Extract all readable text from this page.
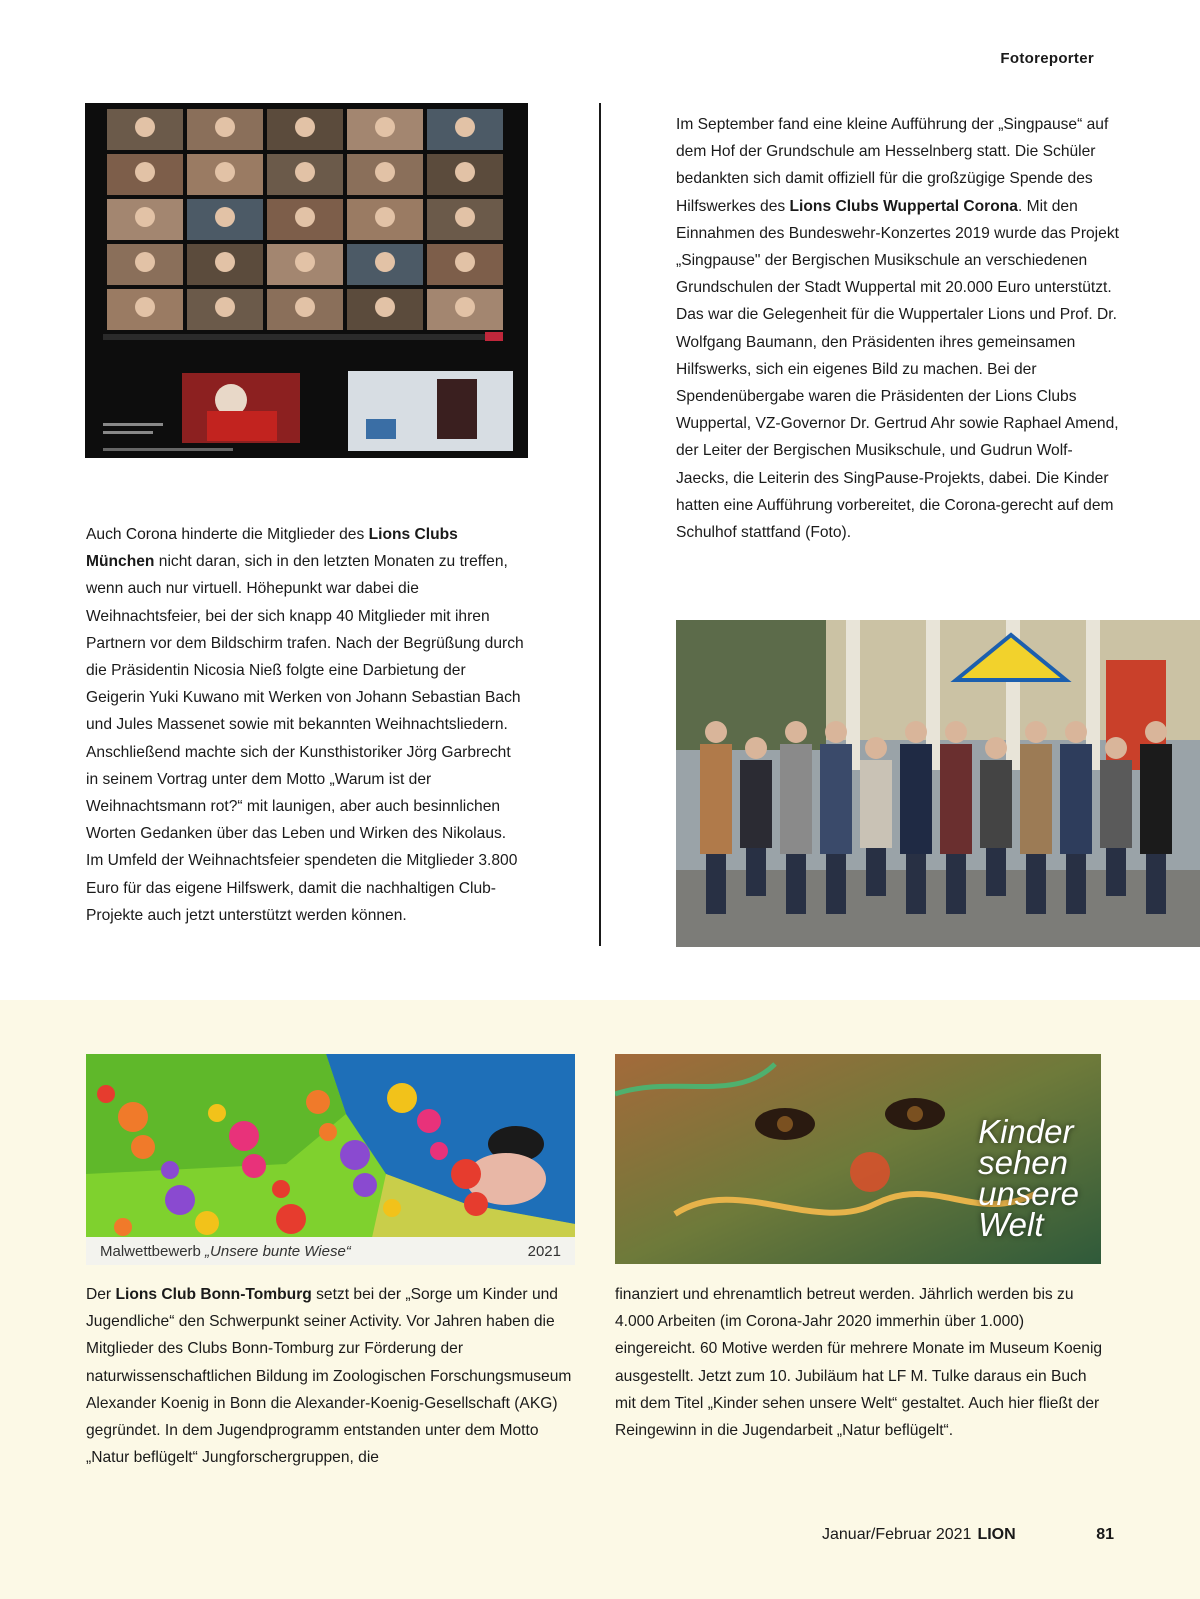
Fotoreporter

Auch Corona hinderte die Mitglieder des Lions Clubs München nicht daran, sich in den letzten Monaten zu treffen, wenn auch nur virtuell. Höhepunkt war dabei die Weihnachtsfeier, bei der sich knapp 40 Mitglieder mit ihren Partnern vor dem Bildschirm trafen. Nach der Begrüßung durch die Präsidentin Nicosia Nieß folgte eine Darbietung der Geigerin Yuki Kuwano mit Werken von Johann Sebastian Bach und Jules Massenet sowie mit bekannten Weihnachtsliedern. Anschließend machte sich der Kunsthistoriker Jörg Garbrecht in seinem Vortrag unter dem Motto „Warum ist der Weihnachtsmann rot?“ mit launigen, aber auch besinnlichen Worten Gedanken über das Leben und Wirken des Nikolaus. Im Umfeld der Weihnachtsfeier spendeten die Mitglieder 3.800 Euro für das eigene Hilfswerk, damit die nachhaltigen Club-Projekte auch jetzt unterstützt werden können.

Im September fand eine kleine Aufführung der „Singpause“ auf dem Hof der Grundschule am Hesselnberg statt. Die Schüler bedankten sich damit offiziell für die großzügige Spende des Hilfswerkes des Lions Clubs Wuppertal Corona. Mit den Einnahmen des Bundeswehr-Konzertes 2019 wurde das Projekt „Singpause" der Bergischen Musikschule an verschiedenen Grundschulen der Stadt Wuppertal mit 20.000 Euro unterstützt. Das war die Gelegenheit für die Wuppertaler Lions und Prof. Dr. Wolfgang Baumann, den Präsidenten ihres gemeinsamen Hilfswerks, sich ein eigenes Bild zu machen. Bei der Spendenübergabe waren die Präsidenten der Lions Clubs Wuppertal, VZ-Governor Dr. Gertrud Ahr sowie Raphael Amend, der Leiter der Bergischen Musikschule, und Gudrun Wolf-Jaecks, die Leiterin des SingPause-Projekts, dabei. Die Kinder hatten eine Aufführung vorbereitet, die Corona-gerecht auf dem Schulhof stattfand (Foto).

Malwettbewerb „Unsere bunte Wiese“	2021
Kinder
sehen
unsere
Welt

Der Lions Club Bonn-Tomburg setzt bei der „Sorge um Kinder und Jugendliche“ den Schwerpunkt seiner Activity. Vor Jahren haben die Mitglieder des Clubs Bonn-Tomburg zur Förderung der naturwissenschaftlichen Bildung im Zoologischen Forschungsmuseum Alexander Koenig in Bonn die Alexander-Koenig-Gesellschaft (AKG) gegründet. In dem Jugendprogramm entstanden unter dem Motto „Natur beflügelt“ Jungforschergruppen, die

finanziert und ehrenamtlich betreut werden. Jährlich werden bis zu 4.000 Arbeiten (im Corona-Jahr 2020 immerhin über 1.000) eingereicht. 60 Motive werden für mehrere Monate im Museum Koenig ausgestellt. Jetzt zum 10. Jubiläum hat LF M. Tulke daraus ein Buch mit dem Titel „Kinder sehen unsere Welt“ gestaltet. Auch hier fließt der Reingewinn in die Jugendarbeit „Natur beflügelt“.

Januar/Februar 2021 LION	81
